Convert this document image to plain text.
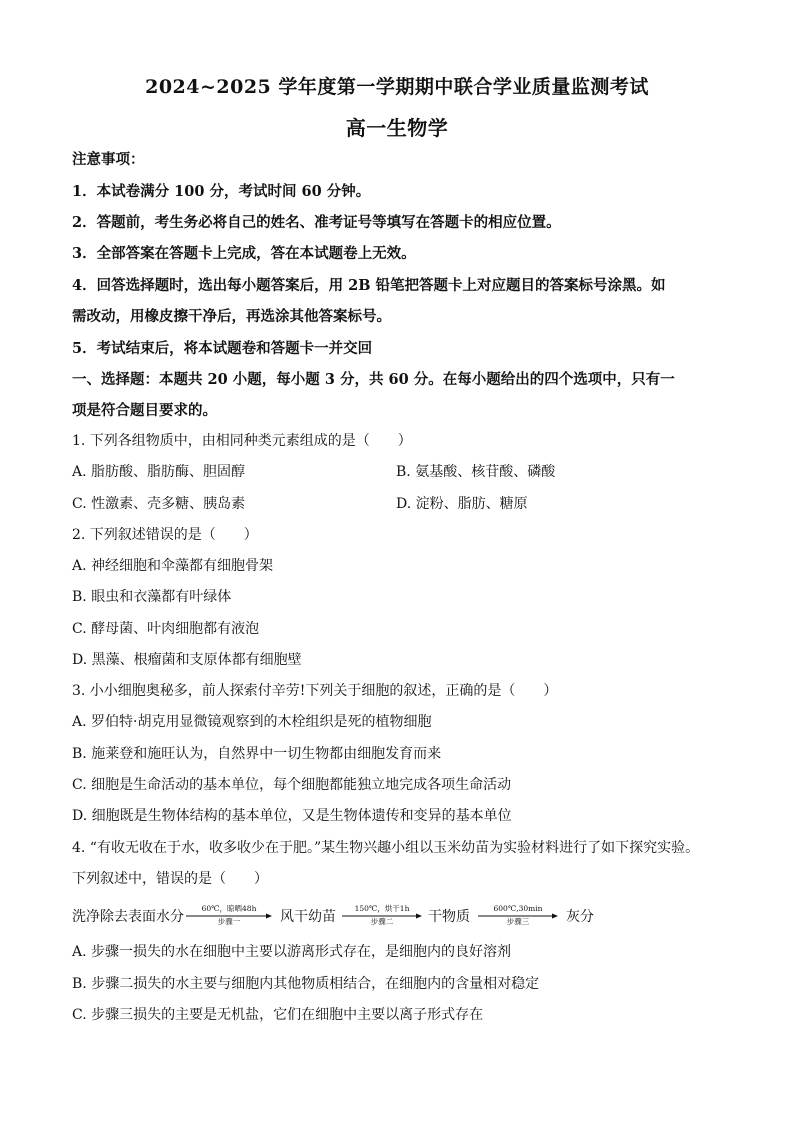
2024~2025 学年度第一学期期中联合学业质量监测考试
高一生物学
注意事项：
1．本试卷满分 100 分，考试时间 60 分钟。
2．答题前，考生务必将自己的姓名、准考证号等填写在答题卡的相应位置。
3．全部答案在答题卡上完成，答在本试题卷上无效。
4．回答选择题时，选出每小题答案后，用 2B 铅笔把答题卡上对应题目的答案标号涂黑。如
需改动，用橡皮擦干净后，再选涂其他答案标号。
5．考试结束后，将本试题卷和答题卡一并交回
一、选择题：本题共 20 小题，每小题 3 分，共 60 分。在每小题给出的四个选项中，只有一
项是符合题目要求的。
1. 下列各组物质中，由相同种类元素组成的是（　　）
A. 脂肪酸、脂肪酶、胆固醇	B. 氨基酸、核苷酸、磷酸
C. 性激素、壳多糖、胰岛素	D. 淀粉、脂肪、糖原
2. 下列叙述错误的是（　　）
A. 神经细胞和伞藻都有细胞骨架
B. 眼虫和衣藻都有叶绿体
C. 酵母菌、叶肉细胞都有液泡
D. 黑藻、根瘤菌和支原体都有细胞壁
3. 小小细胞奥秘多，前人探索付辛劳!下列关于细胞的叙述，正确的是（　　）
A. 罗伯特·胡克用显微镜观察到的木栓组织是死的植物细胞
B. 施莱登和施旺认为，自然界中一切生物都由细胞发育而来
C. 细胞是生命活动的基本单位，每个细胞都能独立地完成各项生命活动
D. 细胞既是生物体结构的基本单位，又是生物体遗传和变异的基本单位
4. “有收无收在于水，收多收少在于肥。”某生物兴趣小组以玉米幼苗为实验材料进行了如下探究实验。
下列叙述中，错误的是（　　）
洗净除去表面水分
60℃，晾晒48h
步骤一	风干幼苗
150℃，烘干1h
步骤二	干物质
600℃,30min
步骤三	灰分
A. 步骤一损失的水在细胞中主要以游离形式存在，是细胞内的良好溶剂
B. 步骤二损失的水主要与细胞内其他物质相结合，在细胞内的含量相对稳定
C. 步骤三损失的主要是无机盐，它们在细胞中主要以离子形式存在
